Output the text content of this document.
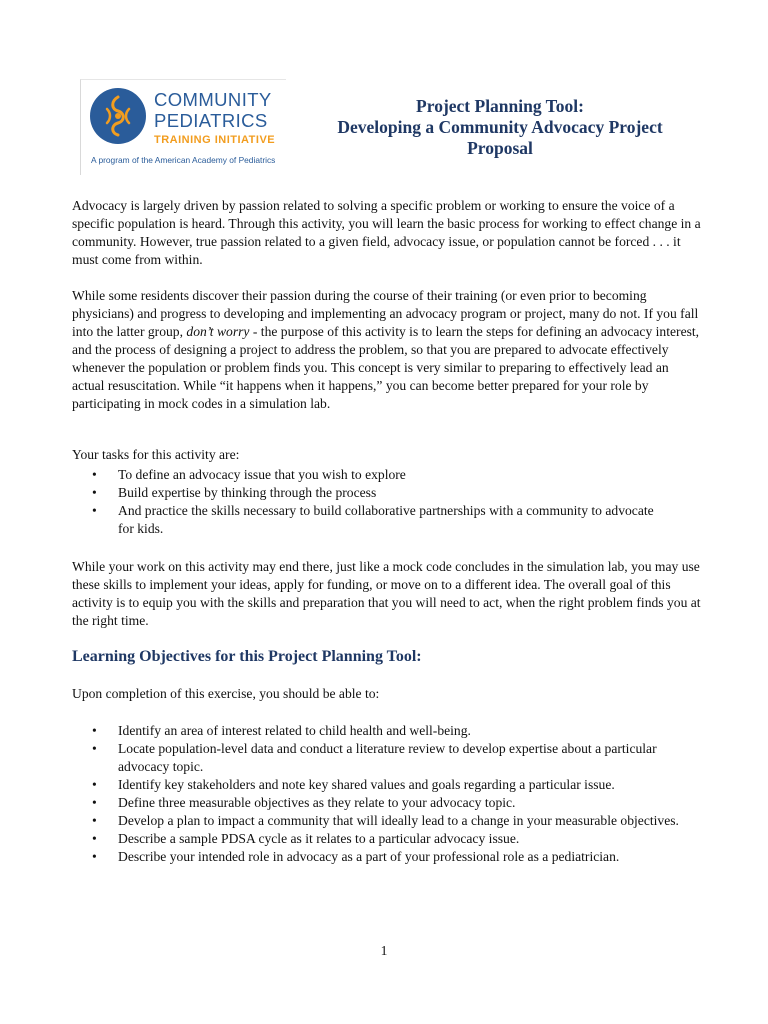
COMMUNITY
PEDIATRICS
TRAINING INITIATIVE
A program of the American Academy of Pediatrics
Project Planning Tool:
Developing a Community Advocacy Project
Proposal

Advocacy is largely driven by passion related to solving a specific problem or working to ensure the voice of a specific population is heard. Through this activity, you will learn the basic process for working to effect change in a community. However, true passion related to a given field, advocacy issue, or population cannot be forced . . . it must come from within.

While some residents discover their passion during the course of their training (or even prior to becoming physicians) and progress to developing and implementing an advocacy program or project, many do not. If you fall into the latter group, don’t worry - the purpose of this activity is to learn the steps for defining an advocacy interest, and the process of designing a project to address the problem, so that you are prepared to advocate effectively whenever the population or problem finds you. This concept is very similar to preparing to effectively lead an actual resuscitation. While “it happens when it happens,” you can become better prepared for your role by participating in mock codes in a simulation lab.

Your tasks for this activity are:

• To define an advocacy issue that you wish to explore
• Build expertise by thinking through the process
• And practice the skills necessary to build collaborative partnerships with a community to advocate for kids.

While your work on this activity may end there, just like a mock code concludes in the simulation lab, you may use these skills to implement your ideas, apply for funding, or move on to a different idea. The overall goal of this activity is to equip you with the skills and preparation that you will need to act, when the right problem finds you at the right time.

Learning Objectives for this Project Planning Tool:

Upon completion of this exercise, you should be able to:

• Identify an area of interest related to child health and well-being.
• Locate population-level data and conduct a literature review to develop expertise about a particular advocacy topic.
• Identify key stakeholders and note key shared values and goals regarding a particular issue.
• Define three measurable objectives as they relate to your advocacy topic.
• Develop a plan to impact a community that will ideally lead to a change in your measurable objectives.
• Describe a sample PDSA cycle as it relates to a particular advocacy issue.
• Describe your intended role in advocacy as a part of your professional role as a pediatrician.
1
